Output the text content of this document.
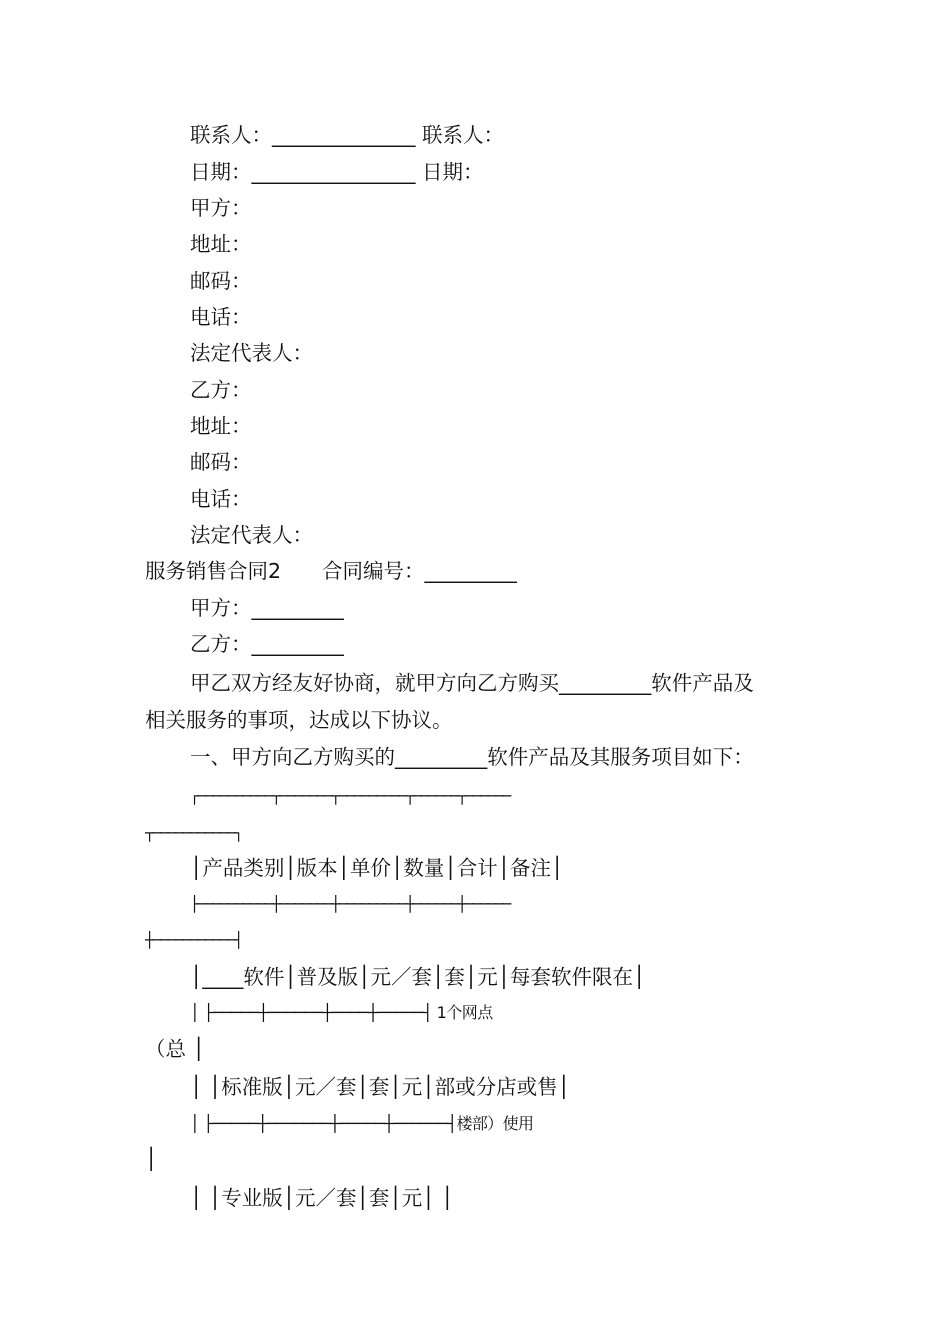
联系人：______________ 联系人：
日期：________________ 日期：
甲方：
地址：
邮码：
电话：
法定代表人：
乙方：
地址：
邮码：
电话：
法定代表人：
服务销售合同2　　合同编号：_________
甲方：_________
乙方：_________
甲乙双方经友好协商，就甲方向乙方购买_________软件产品及
相关服务的事项，达成以下协议。
一、甲方向乙方购买的_________软件产品及其服务项目如下：
┌──────────┬───────┬─────────┬──────┬──────
┬───────────┐
│产品类别│版本│单价│数量│合计│备注│
├──────────┼───────┼─────────┼──────┼──────
┼───────────┤
│____软件│普及版│元／套│套│元│每套软件限在│
│ ├─────┼──────┼────┼─────┤ 1个网点
（总 │
│ │标准版│元／套│套│元│部或分店或售│
│ ├─────┼───────┼─────┼──────┤楼部）使用
│
│ │专业版│元／套│套│元│ │
